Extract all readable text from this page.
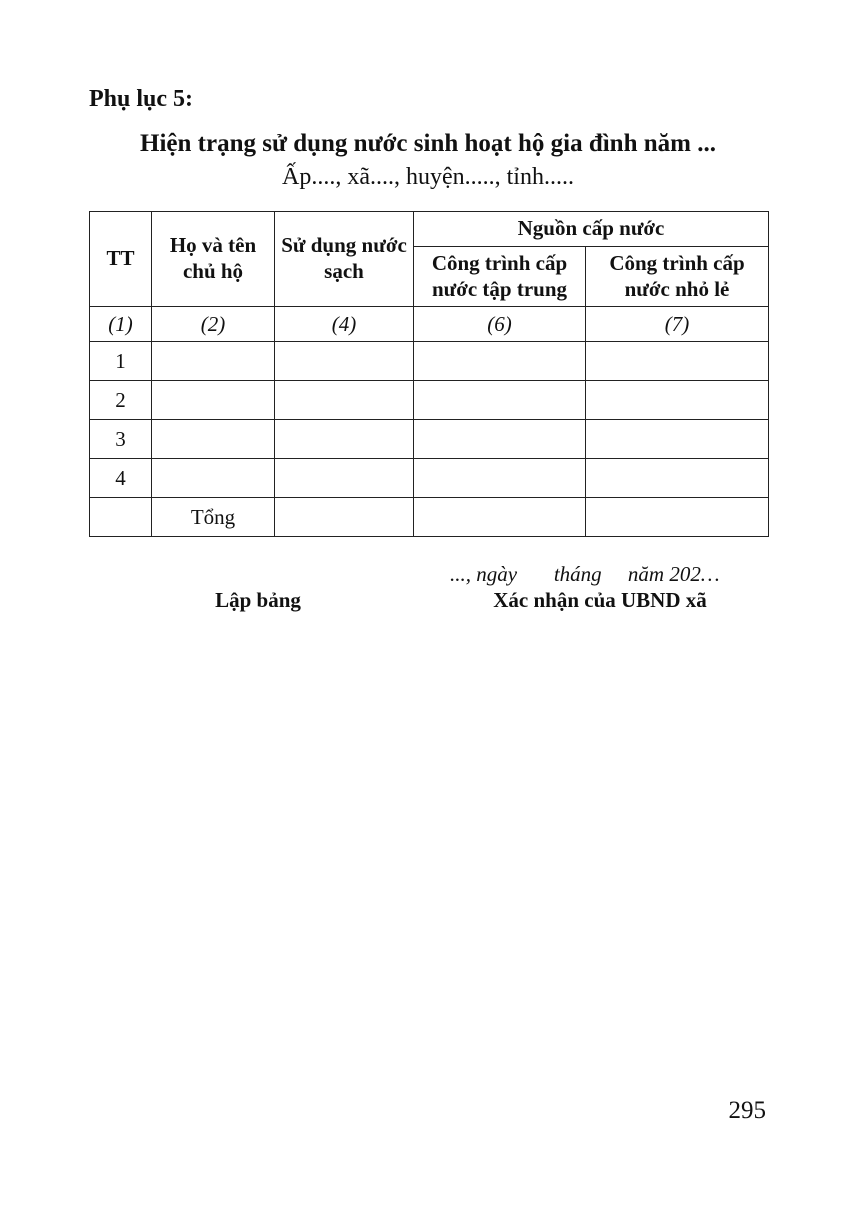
Phụ lục 5:

Hiện trạng sử dụng nước sinh hoạt hộ gia đình năm ...

Ấp...., xã...., huyện....., tỉnh.....

TT	Họ và tên chủ hộ	Sử dụng nước sạch	Nguồn cấp nước	
			Công trình cấp nước tập trung	Công trình cấp nước nhỏ lẻ
(1)	(2)	(4)	(6)	(7)
1				
2				
3				
4				
	Tổng			
..., ngày       tháng     năm 202…
Lập bảng	Xác nhận của UBND xã
295
